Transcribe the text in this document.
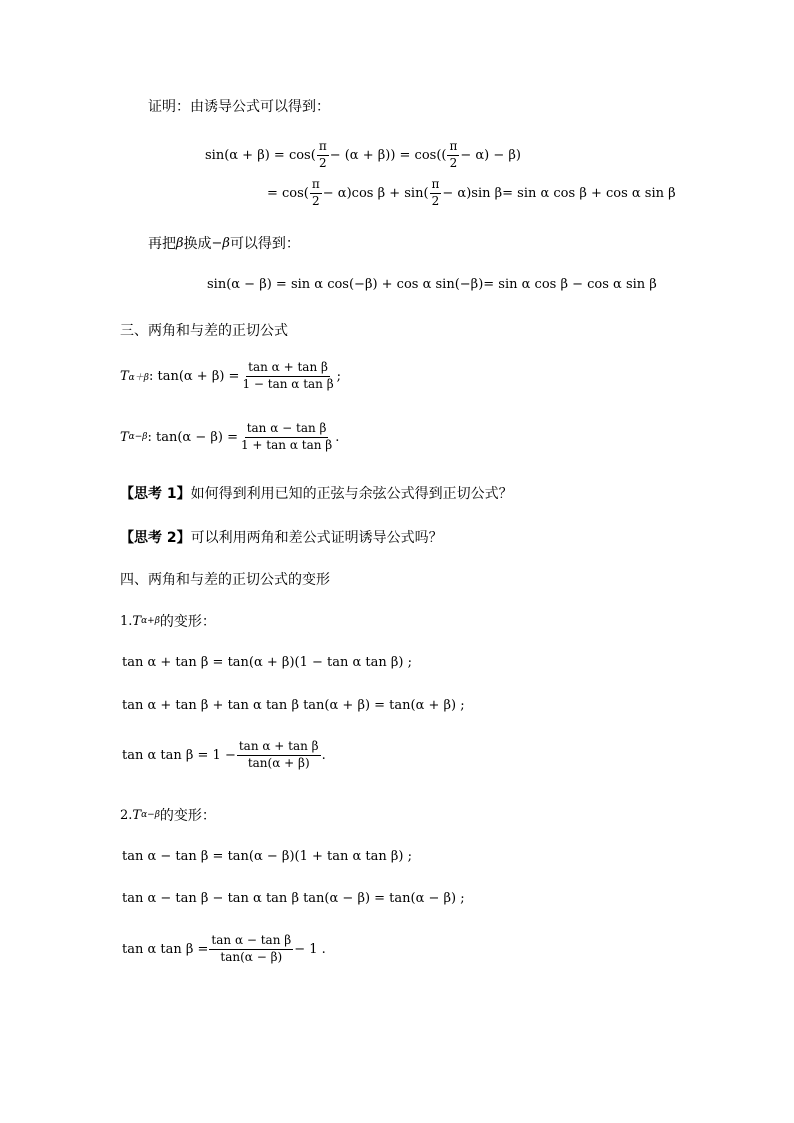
证明：由诱导公式可以得到：
$\sin(\alpha + \beta) = \cos( \frac{\pi}{2} - (\alpha + \beta)) = \cos(( \frac{\pi}{2} - \alpha) - \beta)$
= $\cos( \frac{\pi}{2} - \alpha)\cos$ $\beta + \sin( \frac{\pi}{2} - \alpha)\sin$ β= sin α cos β + cos α sin β
再把 β 换成 −β 可以得到：
sin(α − β) = sin α cos(−β) + cos α sin(−β)= sin α cos β − cos α sin β
三、两角和与差的正切公式
T α＋β : $\tan(\alpha + \beta) = \frac{\text{tan α + tan β}}{\text{1 − tan α tan β}}$ ;
T α−β : $\tan(\alpha - \beta) = \frac{\text{tan α − tan β}}{\text{1 + tan α tan β}}$ .
【思考 1】 如何得到利用已知的正弦与余弦公式得到正切公式？
【思考 2】 可以利用两角和差公式证明诱导公式吗？
四、两角和与差的正切公式的变形
1. T α+β 的变形：
tan α + tan β = tan(α + β)(1 − tan α tan β) ;
tan α + tan β + tan α tan β tan(α + β) = tan(α + β) ;
tan α $\tan \beta = 1 - \frac{\text{tan α + tan β}}{\tan(\alpha + \beta)}$ .
2. T α−β 的变形：
tan α − tan β = tan(α − β)(1 + tan α tan β) ;
tan α − tan β − tan α tan β tan(α − β) = tan(α − β) ;
tan α $\tan \beta = \frac{\text{tan α − tan β}}{\tan(\alpha - \beta)} - 1$ .
